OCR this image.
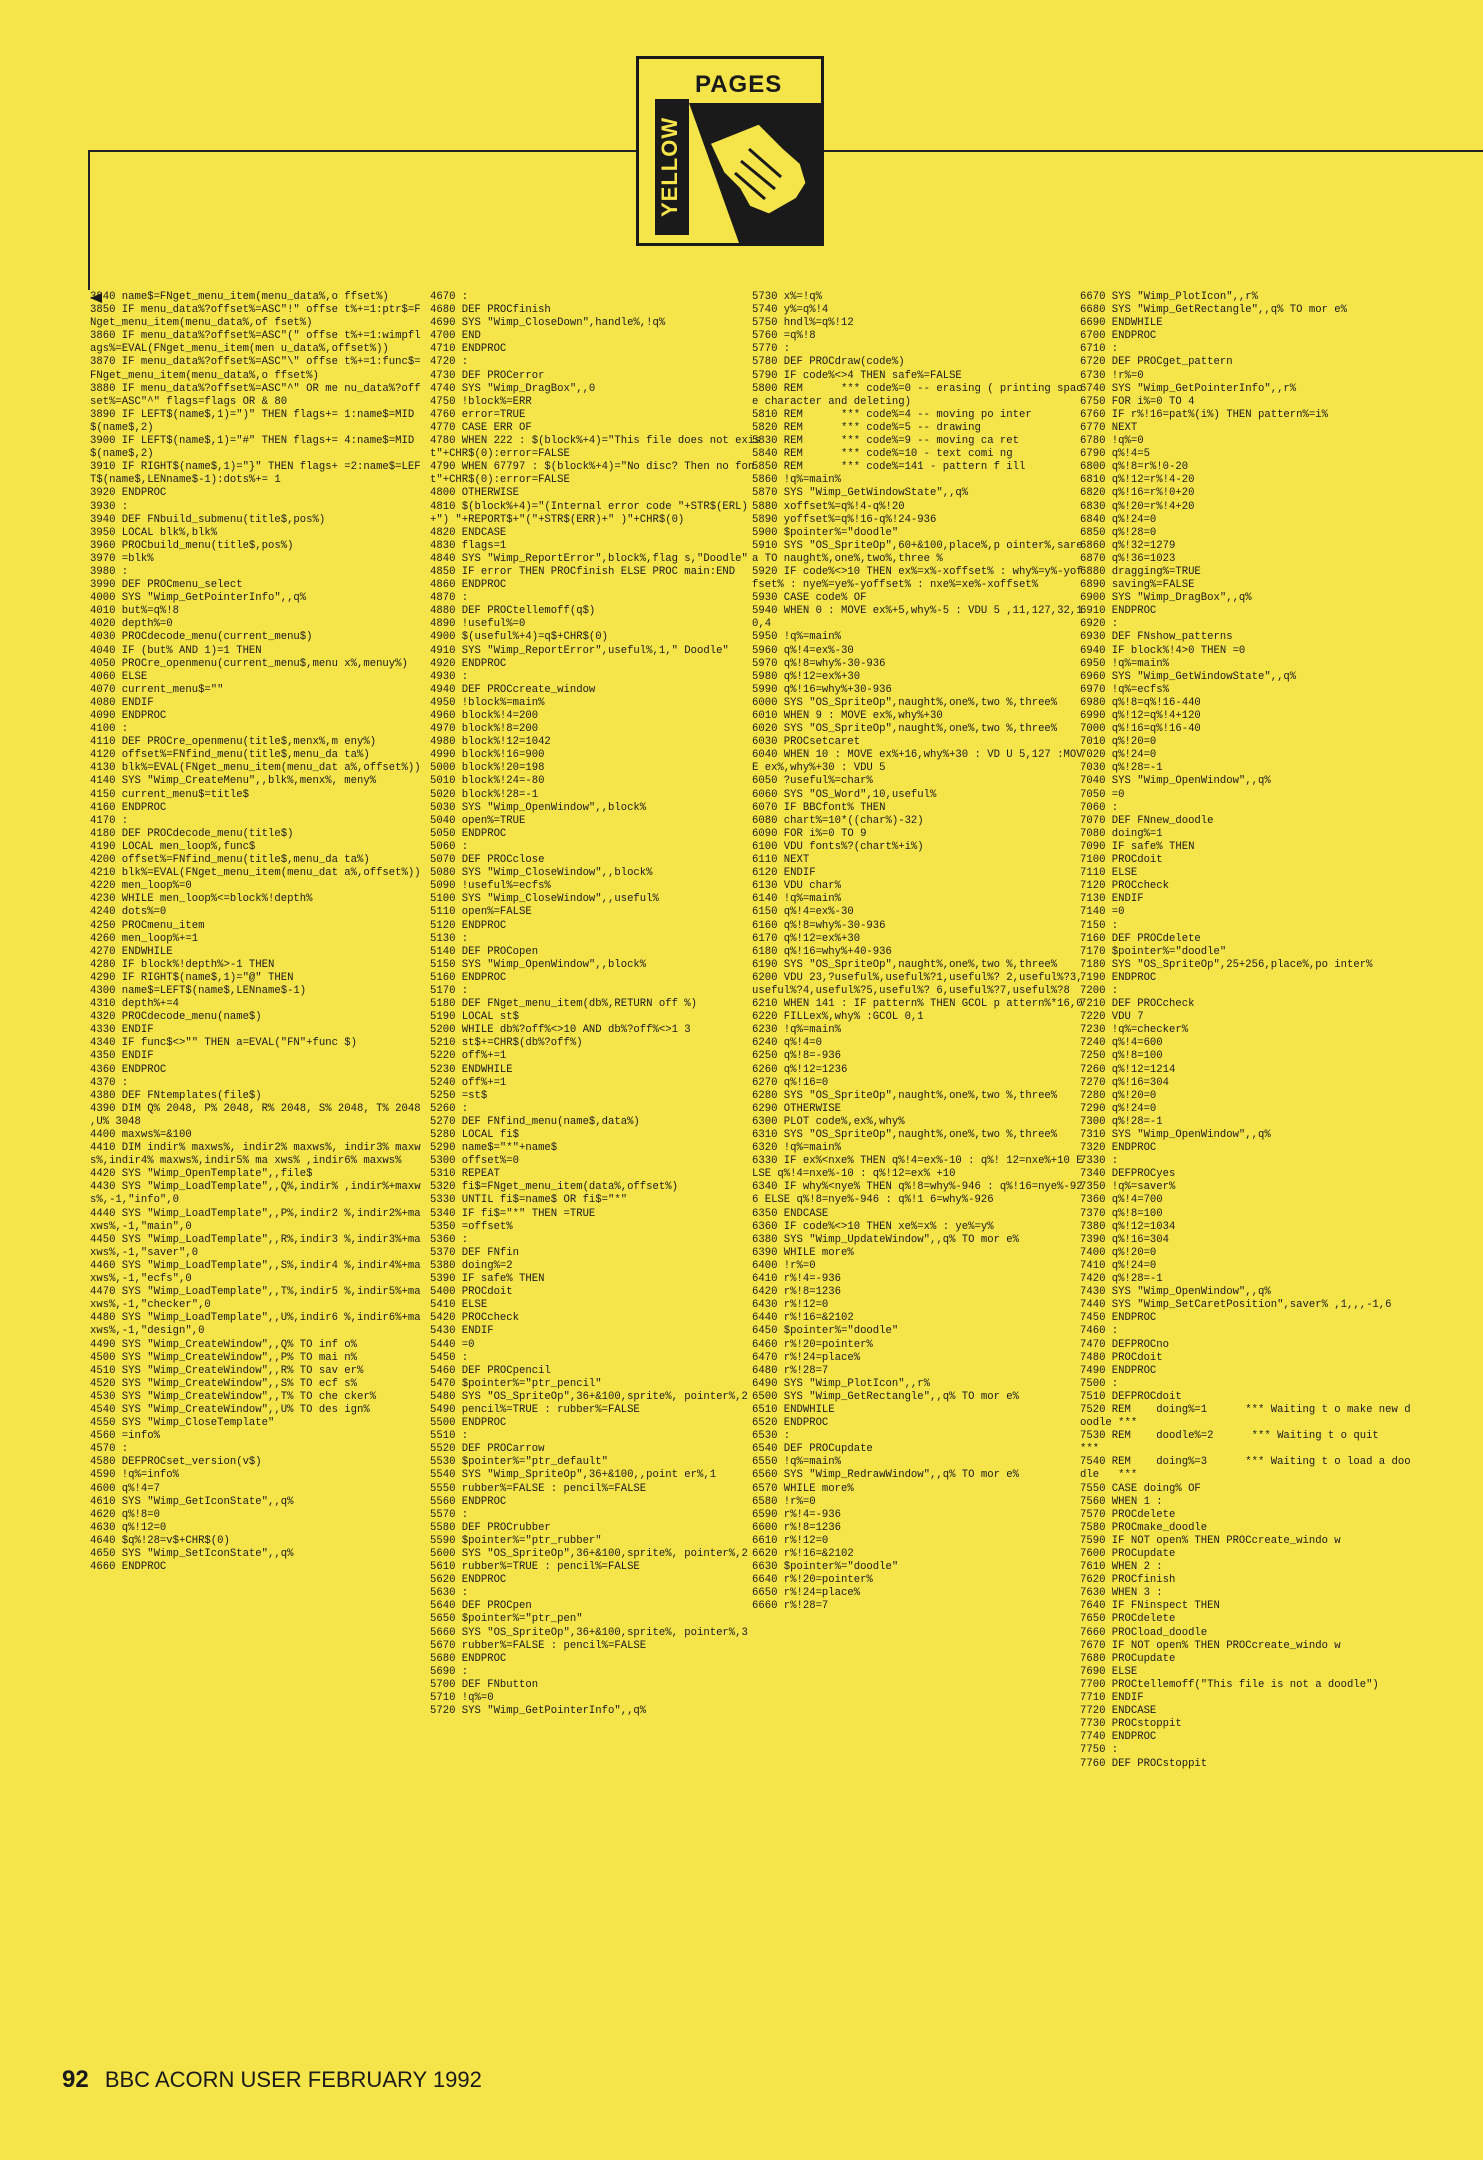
PAGES
YELLOW
3840 name$=FNget_menu_item(menu_data%,o ffset%)
3850 IF menu_data%?offset%=ASC"!" offse t%+=1:ptr$=FNget_menu_item(menu_data%,of fset%)
3860 IF menu_data%?offset%=ASC"(" offse t%+=1:wimpflags%=EVAL(FNget_menu_item(men u_data%,offset%))
3870 IF menu_data%?offset%=ASC"\" offse t%+=1:func$=FNget_menu_item(menu_data%,o ffset%)
3880 IF menu_data%?offset%=ASC"^" OR me nu_data%?offset%=ASC"^" flags=flags OR & 80
3890 IF LEFT$(name$,1)=")" THEN flags+= 1:name$=MID$(name$,2)
3900 IF LEFT$(name$,1)="#" THEN flags+= 4:name$=MID$(name$,2)
3910 IF RIGHT$(name$,1)="}" THEN flags+ =2:name$=LEFT$(name$,LENname$-1):dots%+= 1
3920 ENDPROC
3930 :
3940 DEF FNbuild_submenu(title$,pos%)
3950 LOCAL blk%,blk%
3960 PROCbuild_menu(title$,pos%)
3970 =blk%
3980 :
3990 DEF PROCmenu_select
4000 SYS "Wimp_GetPointerInfo",,q%
4010 but%=q%!8
4020 depth%=0
4030 PROCdecode_menu(current_menu$)
4040 IF (but% AND 1)=1 THEN
4050 PROCre_openmenu(current_menu$,menu x%,menuy%)
4060 ELSE
4070 current_menu$=""
4080 ENDIF
4090 ENDPROC
4100 :
4110 DEF PROCre_openmenu(title$,menx%,m eny%)
4120 offset%=FNfind_menu(title$,menu_da ta%)
4130 blk%=EVAL(FNget_menu_item(menu_dat a%,offset%))
4140 SYS "Wimp_CreateMenu",,blk%,menx%, meny%
4150 current_menu$=title$
4160 ENDPROC
4170 :
4180 DEF PROCdecode_menu(title$)
4190 LOCAL men_loop%,func$
4200 offset%=FNfind_menu(title$,menu_da ta%)
4210 blk%=EVAL(FNget_menu_item(menu_dat a%,offset%))
4220 men_loop%=0
4230 WHILE men_loop%<=block%!depth%
4240 dots%=0
4250 PROCmenu_item
4260 men_loop%+=1
4270 ENDWHILE
4280 IF block%!depth%>-1 THEN
4290 IF RIGHT$(name$,1)="@" THEN
4300 name$=LEFT$(name$,LENname$-1)
4310 depth%+=4
4320 PROCdecode_menu(name$)
4330 ENDIF
4340 IF func$<>"" THEN a=EVAL("FN"+func $)
4350 ENDIF
4360 ENDPROC
4370 :
4380 DEF FNtemplates(file$)
4390 DIM Q% 2048, P% 2048, R% 2048, S% 2048, T% 2048 ,U% 3048
4400 maxws%=&100
4410 DIM indir% maxws%, indir2% maxws%, indir3% maxws%,indir4% maxws%,indir5% ma xws% ,indir6% maxws%
4420 SYS "Wimp_OpenTemplate",,file$
4430 SYS "Wimp_LoadTemplate",,Q%,indir% ,indir%+maxws%,-1,"info",0
4440 SYS "Wimp_LoadTemplate",,P%,indir2 %,indir2%+maxws%,-1,"main",0
4450 SYS "Wimp_LoadTemplate",,R%,indir3 %,indir3%+maxws%,-1,"saver",0
4460 SYS "Wimp_LoadTemplate",,S%,indir4 %,indir4%+maxws%,-1,"ecfs",0
4470 SYS "Wimp_LoadTemplate",,T%,indir5 %,indir5%+maxws%,-1,"checker",0
4480 SYS "Wimp_LoadTemplate",,U%,indir6 %,indir6%+maxws%,-1,"design",0
4490 SYS "Wimp_CreateWindow",,Q% TO inf o%
4500 SYS "Wimp_CreateWindow",,P% TO mai n%
4510 SYS "Wimp_CreateWindow",,R% TO sav er%
4520 SYS "Wimp_CreateWindow",,S% TO ecf s%
4530 SYS "Wimp_CreateWindow",,T% TO che cker%
4540 SYS "Wimp_CreateWindow",,U% TO des ign%
4550 SYS "Wimp_CloseTemplate"
4560 =info%
4570 :
4580 DEFPROCset_version(v$)
4590 !q%=info%
4600 q%!4=7
4610 SYS "Wimp_GetIconState",,q%
4620 q%!8=0
4630 q%!12=0
4640 $q%!28=v$+CHR$(0)
4650 SYS "Wimp_SetIconState",,q%
4660 ENDPROC
4670 :
4680 DEF PROCfinish
4690 SYS "Wimp_CloseDown",handle%,!q%
4700 END
4710 ENDPROC
4720 :
4730 DEF PROCerror
4740 SYS "Wimp_DragBox",,0
4750 !block%=ERR
4760 error=TRUE
4770 CASE ERR OF
4780 WHEN 222 : $(block%+4)="This file does not exist"+CHR$(0):error=FALSE
4790 WHEN 67797 : $(block%+4)="No disc? Then no font"+CHR$(0):error=FALSE
4800 OTHERWISE
4810 $(block%+4)="(Internal error code "+STR$(ERL)+") "+REPORT$+"("+STR$(ERR)+" )"+CHR$(0)
4820 ENDCASE
4830 flags=1
4840 SYS "Wimp_ReportError",block%,flag s,"Doodle"
4850 IF error THEN PROCfinish ELSE PROC main:END
4860 ENDPROC
4870 :
4880 DEF PROCtellemoff(q$)
4890 !useful%=0
4900 $(useful%+4)=q$+CHR$(0)
4910 SYS "Wimp_ReportError",useful%,1," Doodle"
4920 ENDPROC
4930 :
4940 DEF PROCcreate_window
4950 !block%=main%
4960 block%!4=200
4970 block%!8=200
4980 block%!12=1042
4990 block%!16=900
5000 block%!20=198
5010 block%!24=-80
5020 block%!28=-1
5030 SYS "Wimp_OpenWindow",,block%
5040 open%=TRUE
5050 ENDPROC
5060 :
5070 DEF PROCclose
5080 SYS "Wimp_CloseWindow",,block%
5090 !useful%=ecfs%
5100 SYS "Wimp_CloseWindow",,useful%
5110 open%=FALSE
5120 ENDPROC
5130 :
5140 DEF PROCopen
5150 SYS "Wimp_OpenWindow",,block%
5160 ENDPROC
5170 :
5180 DEF FNget_menu_item(db%,RETURN off %)
5190 LOCAL st$
5200 WHILE db%?off%<>10 AND db%?off%<>1 3
5210 st$+=CHR$(db%?off%)
5220 off%+=1
5230 ENDWHILE
5240 off%+=1
5250 =st$
5260 :
5270 DEF FNfind_menu(name$,data%)
5280 LOCAL fi$
5290 name$="*"+name$
5300 offset%=0
5310 REPEAT
5320 fi$=FNget_menu_item(data%,offset%)
5330 UNTIL fi$=name$ OR fi$="*"
5340 IF fi$="*" THEN =TRUE
5350 =offset%
5360 :
5370 DEF FNfin
5380 doing%=2
5390 IF safe% THEN
5400 PROCdoit
5410 ELSE
5420 PROCcheck
5430 ENDIF
5440 =0
5450 :
5460 DEF PROCpencil
5470 $pointer%="ptr_pencil"
5480 SYS "OS_SpriteOp",36+&100,sprite%, pointer%,2
5490 pencil%=TRUE : rubber%=FALSE
5500 ENDPROC
5510 :
5520 DEF PROCarrow
5530 $pointer%="ptr_default"
5540 SYS "Wimp_SpriteOp",36+&100,,point er%,1
5550 rubber%=FALSE : pencil%=FALSE
5560 ENDPROC
5570 :
5580 DEF PROCrubber
5590 $pointer%="ptr_rubber"
5600 SYS "OS_SpriteOp",36+&100,sprite%, pointer%,2
5610 rubber%=TRUE : pencil%=FALSE
5620 ENDPROC
5630 :
5640 DEF PROCpen
5650 $pointer%="ptr_pen"
5660 SYS "OS_SpriteOp",36+&100,sprite%, pointer%,3
5670 rubber%=FALSE : pencil%=FALSE
5680 ENDPROC
5690 :
5700 DEF FNbutton
5710 !q%=0
5720 SYS "Wimp_GetPointerInfo",,q%
5730 x%=!q%
5740 y%=q%!4
5750 hndl%=q%!12
5760 =q%!8
5770 :
5780 DEF PROCdraw(code%)
5790 IF code%<>4 THEN safe%=FALSE
5800 REM      *** code%=0 -- erasing ( printing space character and deleting)
5810 REM      *** code%=4 -- moving po inter
5820 REM      *** code%=5 -- drawing
5830 REM      *** code%=9 -- moving ca ret
5840 REM      *** code%=10 - text comi ng
5850 REM      *** code%=141 - pattern f ill
5860 !q%=main%
5870 SYS "Wimp_GetWindowState",,q%
5880 xoffset%=q%!4-q%!20
5890 yoffset%=q%!16-q%!24-936
5900 $pointer%="doodle"
5910 SYS "OS_SpriteOp",60+&100,place%,p ointer%,sarea TO naught%,one%,two%,three %
5920 IF code%<>10 THEN ex%=x%-xoffset% : why%=y%-yoffset% : nye%=ye%-yoffset% : nxe%=xe%-xoffset%
5930 CASE code% OF
5940 WHEN 0 : MOVE ex%+5,why%-5 : VDU 5 ,11,127,32,10,4
5950 !q%=main%
5960 q%!4=ex%-30
5970 q%!8=why%-30-936
5980 q%!12=ex%+30
5990 q%!16=why%+30-936
6000 SYS "OS_SpriteOp",naught%,one%,two %,three%
6010 WHEN 9 : MOVE ex%,why%+30
6020 SYS "OS_SpriteOp",naught%,one%,two %,three%
6030 PROCsetcaret
6040 WHEN 10 : MOVE ex%+16,why%+30 : VD U 5,127 :MOVE ex%,why%+30 : VDU 5
6050 ?useful%=char%
6060 SYS "OS_Word",10,useful%
6070 IF BBCfont% THEN
6080 chart%=10*((char%)-32)
6090 FOR i%=0 TO 9
6100 VDU fonts%?(chart%+i%)
6110 NEXT
6120 ENDIF
6130 VDU char%
6140 !q%=main%
6150 q%!4=ex%-30
6160 q%!8=why%-30-936
6170 q%!12=ex%+30
6180 q%!16=why%+40-936
6190 SYS "OS_SpriteOp",naught%,one%,two %,three%
6200 VDU 23,?useful%,useful%?1,useful%? 2,useful%?3,useful%?4,useful%?5,useful%? 6,useful%?7,useful%?8
6210 WHEN 141 : IF pattern% THEN GCOL p attern%*16,0
6220 FILLex%,why% :GCOL 0,1
6230 !q%=main%
6240 q%!4=0
6250 q%!8=-936
6260 q%!12=1236
6270 q%!16=0
6280 SYS "OS_SpriteOp",naught%,one%,two %,three%
6290 OTHERWISE
6300 PLOT code%,ex%,why%
6310 SYS "OS_SpriteOp",naught%,one%,two %,three%
6320 !q%=main%
6330 IF ex%<nxe% THEN q%!4=ex%-10 : q%! 12=nxe%+10 ELSE q%!4=nxe%-10 : q%!12=ex% +10
6340 IF why%<nye% THEN q%!8=why%-946 : q%!16=nye%-926 ELSE q%!8=nye%-946 : q%!1 6=why%-926
6350 ENDCASE
6360 IF code%<>10 THEN xe%=x% : ye%=y%
6380 SYS "Wimp_UpdateWindow",,q% TO mor e%
6390 WHILE more%
6400 !r%=0
6410 r%!4=-936
6420 r%!8=1236
6430 r%!12=0
6440 r%!16=&2102
6450 $pointer%="doodle"
6460 r%!20=pointer%
6470 r%!24=place%
6480 r%!28=7
6490 SYS "Wimp_PlotIcon",,r%
6500 SYS "Wimp_GetRectangle",,q% TO mor e%
6510 ENDWHILE
6520 ENDPROC
6530 :
6540 DEF PROCupdate
6550 !q%=main%
6560 SYS "Wimp_RedrawWindow",,q% TO mor e%
6570 WHILE more%
6580 !r%=0
6590 r%!4=-936
6600 r%!8=1236
6610 r%!12=0
6620 r%!16=&2102
6630 $pointer%="doodle"
6640 r%!20=pointer%
6650 r%!24=place%
6660 r%!28=7
6670 SYS "Wimp_PlotIcon",,r%
6680 SYS "Wimp_GetRectangle",,q% TO mor e%
6690 ENDWHILE
6700 ENDPROC
6710 :
6720 DEF PROCget_pattern
6730 !r%=0
6740 SYS "Wimp_GetPointerInfo",,r%
6750 FOR i%=0 TO 4
6760 IF r%!16=pat%(i%) THEN pattern%=i%
6770 NEXT
6780 !q%=0
6790 q%!4=5
6800 q%!8=r%!0-20
6810 q%!12=r%!4-20
6820 q%!16=r%!0+20
6830 q%!20=r%!4+20
6840 q%!24=0
6850 q%!28=0
6860 q%!32=1279
6870 q%!36=1023
6880 dragging%=TRUE
6890 saving%=FALSE
6900 SYS "Wimp_DragBox",,q%
6910 ENDPROC
6920 :
6930 DEF FNshow_patterns
6940 IF block%!4>0 THEN =0
6950 !q%=main%
6960 SYS "Wimp_GetWindowState",,q%
6970 !q%=ecfs%
6980 q%!8=q%!16-440
6990 q%!12=q%!4+120
7000 q%!16=q%!16-40
7010 q%!20=0
7020 q%!24=0
7030 q%!28=-1
7040 SYS "Wimp_OpenWindow",,q%
7050 =0
7060 :
7070 DEF FNnew_doodle
7080 doing%=1
7090 IF safe% THEN
7100 PROCdoit
7110 ELSE
7120 PROCcheck
7130 ENDIF
7140 =0
7150 :
7160 DEF PROCdelete
7170 $pointer%="doodle"
7180 SYS "OS_SpriteOp",25+256,place%,po inter%
7190 ENDPROC
7200 :
7210 DEF PROCcheck
7220 VDU 7
7230 !q%=checker%
7240 q%!4=600
7250 q%!8=100
7260 q%!12=1214
7270 q%!16=304
7280 q%!20=0
7290 q%!24=0
7300 q%!28=-1
7310 SYS "Wimp_OpenWindow",,q%
7320 ENDPROC
7330 :
7340 DEFPROCyes
7350 !q%=saver%
7360 q%!4=700
7370 q%!8=100
7380 q%!12=1034
7390 q%!16=304
7400 q%!20=0
7410 q%!24=0
7420 q%!28=-1
7430 SYS "Wimp_OpenWindow",,q%
7440 SYS "Wimp_SetCaretPosition",saver% ,1,,,-1,6
7450 ENDPROC
7460 :
7470 DEFPROCno
7480 PROCdoit
7490 ENDPROC
7500 :
7510 DEFPROCdoit
7520 REM    doing%=1      *** Waiting t o make new doodle ***
7530 REM    doodle%=2      *** Waiting t o quit           ***
7540 REM    doing%=3      *** Waiting t o load a doodle   ***
7550 CASE doing% OF
7560 WHEN 1 :
7570 PROCdelete
7580 PROCmake_doodle
7590 IF NOT open% THEN PROCcreate_windo w
7600 PROCupdate
7610 WHEN 2 :
7620 PROCfinish
7630 WHEN 3 :
7640 IF FNinspect THEN
7650 PROCdelete
7660 PROCload_doodle
7670 IF NOT open% THEN PROCcreate_windo w
7680 PROCupdate
7690 ELSE
7700 PROCtellemoff("This file is not a doodle")
7710 ENDIF
7720 ENDCASE
7730 PROCstoppit
7740 ENDPROC
7750 :
7760 DEF PROCstoppit
92 BBC ACORN USER FEBRUARY 1992
